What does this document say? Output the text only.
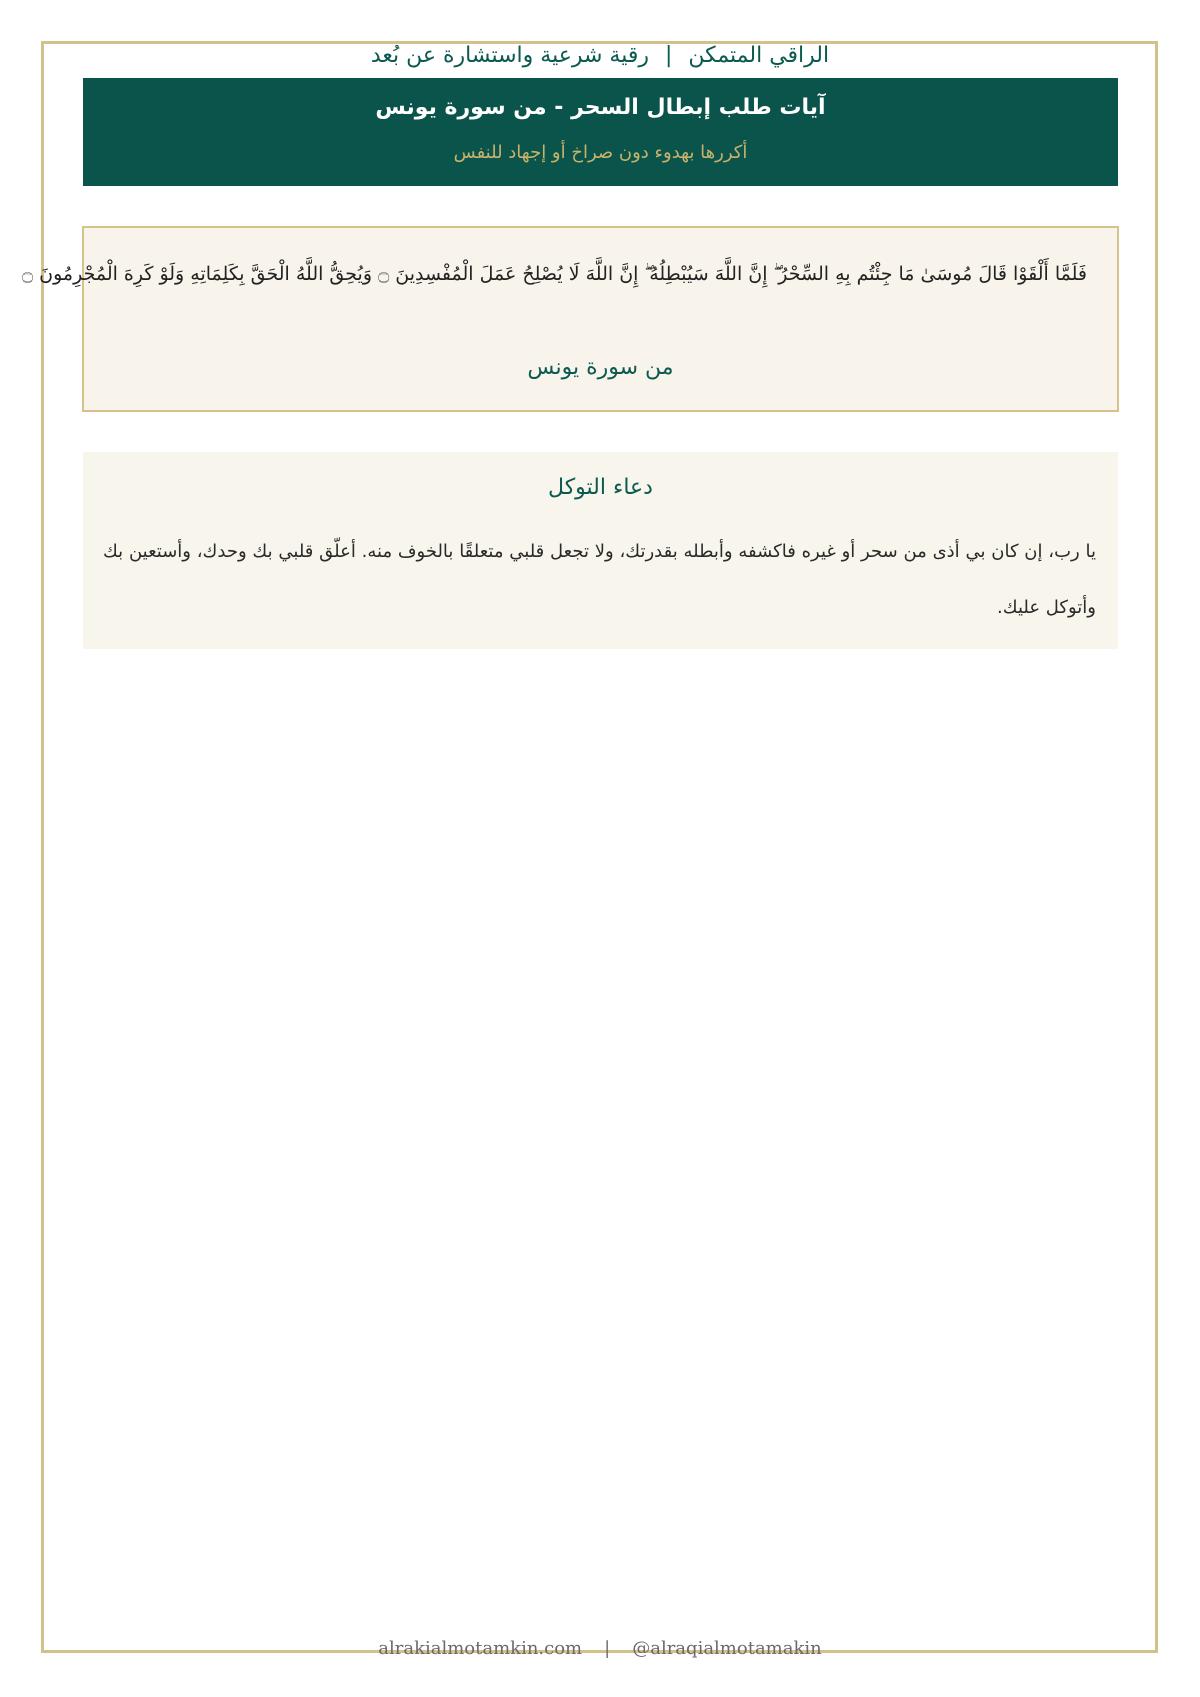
الراقي المتمكن|رقية شرعية واستشارة عن بُعد
آيات طلب إبطال السحر - من سورة يونس
أكررها بهدوء دون صراخ أو إجهاد للنفس
فَلَمَّا أَلْقَوْا قَالَ مُوسَىٰ مَا جِئْتُم بِهِ السِّحْرُ ۖ إِنَّ اللَّهَ سَيُبْطِلُهُ ۖ إِنَّ اللَّهَ لَا يُصْلِحُ عَمَلَ الْمُفْسِدِينَ ۝ وَيُحِقُّ اللَّهُ الْحَقَّ بِكَلِمَاتِهِ وَلَوْ كَرِهَ الْمُجْرِمُونَ ۝
من سورة يونس
دعاء التوكل
يا رب، إن كان بي أذى من سحر أو غيره فاكشفه وأبطله بقدرتك، ولا تجعل قلبي متعلقًا بالخوف منه. أعلّق قلبي بك وحدك، وأستعين بك وأتوكل عليك.
alrakialmotamkin.com | @alraqialmotamakin
